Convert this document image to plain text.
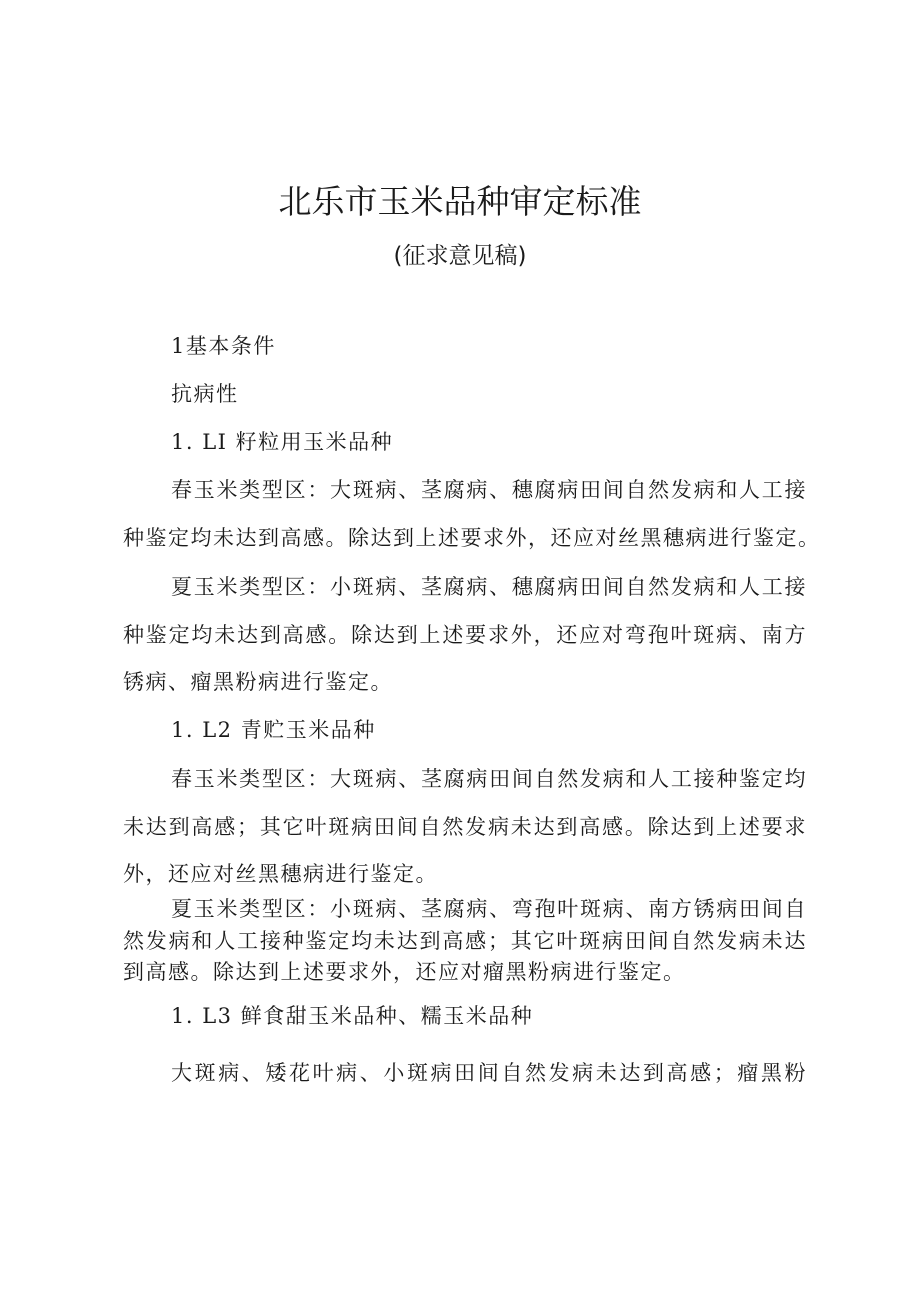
北乐市玉米品种审定标准
(征求意见稿)
1基本条件
抗病性
1. LI 籽粒用玉米品种
春玉米类型区：大斑病、茎腐病、穗腐病田间自然发病和人工接
种鉴定均未达到高感。除达到上述要求外，还应对丝黑穗病进行鉴定。
夏玉米类型区：小斑病、茎腐病、穗腐病田间自然发病和人工接
种鉴定均未达到高感。除达到上述要求外，还应对弯孢叶斑病、南方
锈病、瘤黑粉病进行鉴定。
1. L2 青贮玉米品种
春玉米类型区：大斑病、茎腐病田间自然发病和人工接种鉴定均
未达到高感；其它叶斑病田间自然发病未达到高感。除达到上述要求
外，还应对丝黑穗病进行鉴定。
夏玉米类型区：小斑病、茎腐病、弯孢叶斑病、南方锈病田间自
然发病和人工接种鉴定均未达到高感；其它叶斑病田间自然发病未达
到高感。除达到上述要求外，还应对瘤黑粉病进行鉴定。
1. L3 鲜食甜玉米品种、糯玉米品种
大斑病、矮花叶病、小斑病田间自然发病未达到高感；瘤黑粉
